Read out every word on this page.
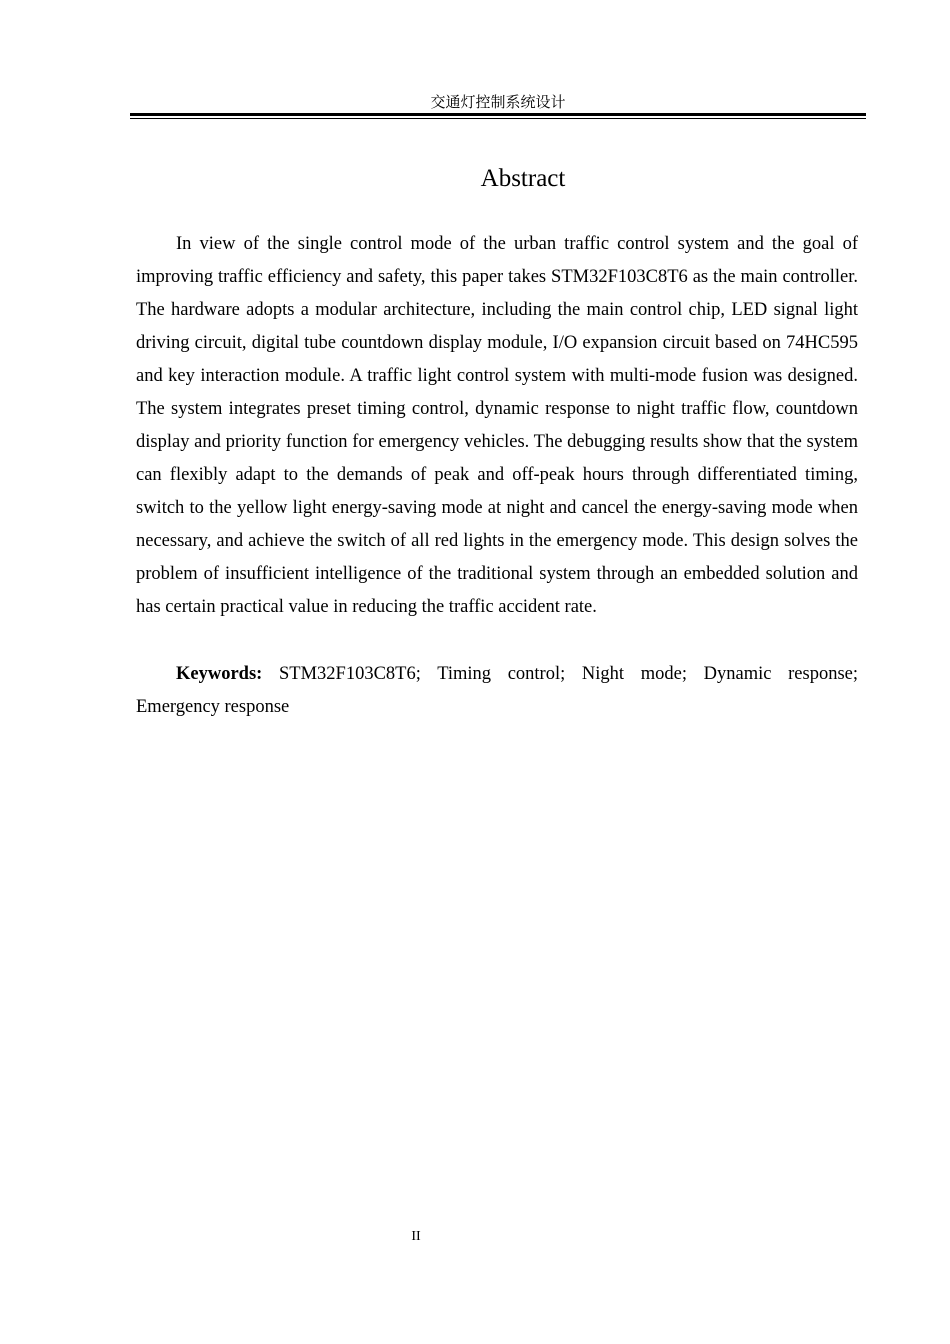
交通灯控制系统设计
Abstract

In view of the single control mode of the urban traffic control system and the goal of improving traffic efficiency and safety, this paper takes STM32F103C8T6 as the main controller. The hardware adopts a modular architecture, including the main control chip, LED signal light driving circuit, digital tube countdown display module, I/O expansion circuit based on 74HC595 and key interaction module. A traffic light control system with multi-mode fusion was designed. The system integrates preset timing control, dynamic response to night traffic flow, countdown display and priority function for emergency vehicles. The debugging results show that the system can flexibly adapt to the demands of peak and off-peak hours through differentiated timing, switch to the yellow light energy-saving mode at night and cancel the energy-saving mode when necessary, and achieve the switch of all red lights in the emergency mode. This design solves the problem of insufficient intelligence of the traditional system through an embedded solution and has certain practical value in reducing the traffic accident rate.

Keywords: STM32F103C8T6; Timing control; Night mode; Dynamic response; Emergency response

II
